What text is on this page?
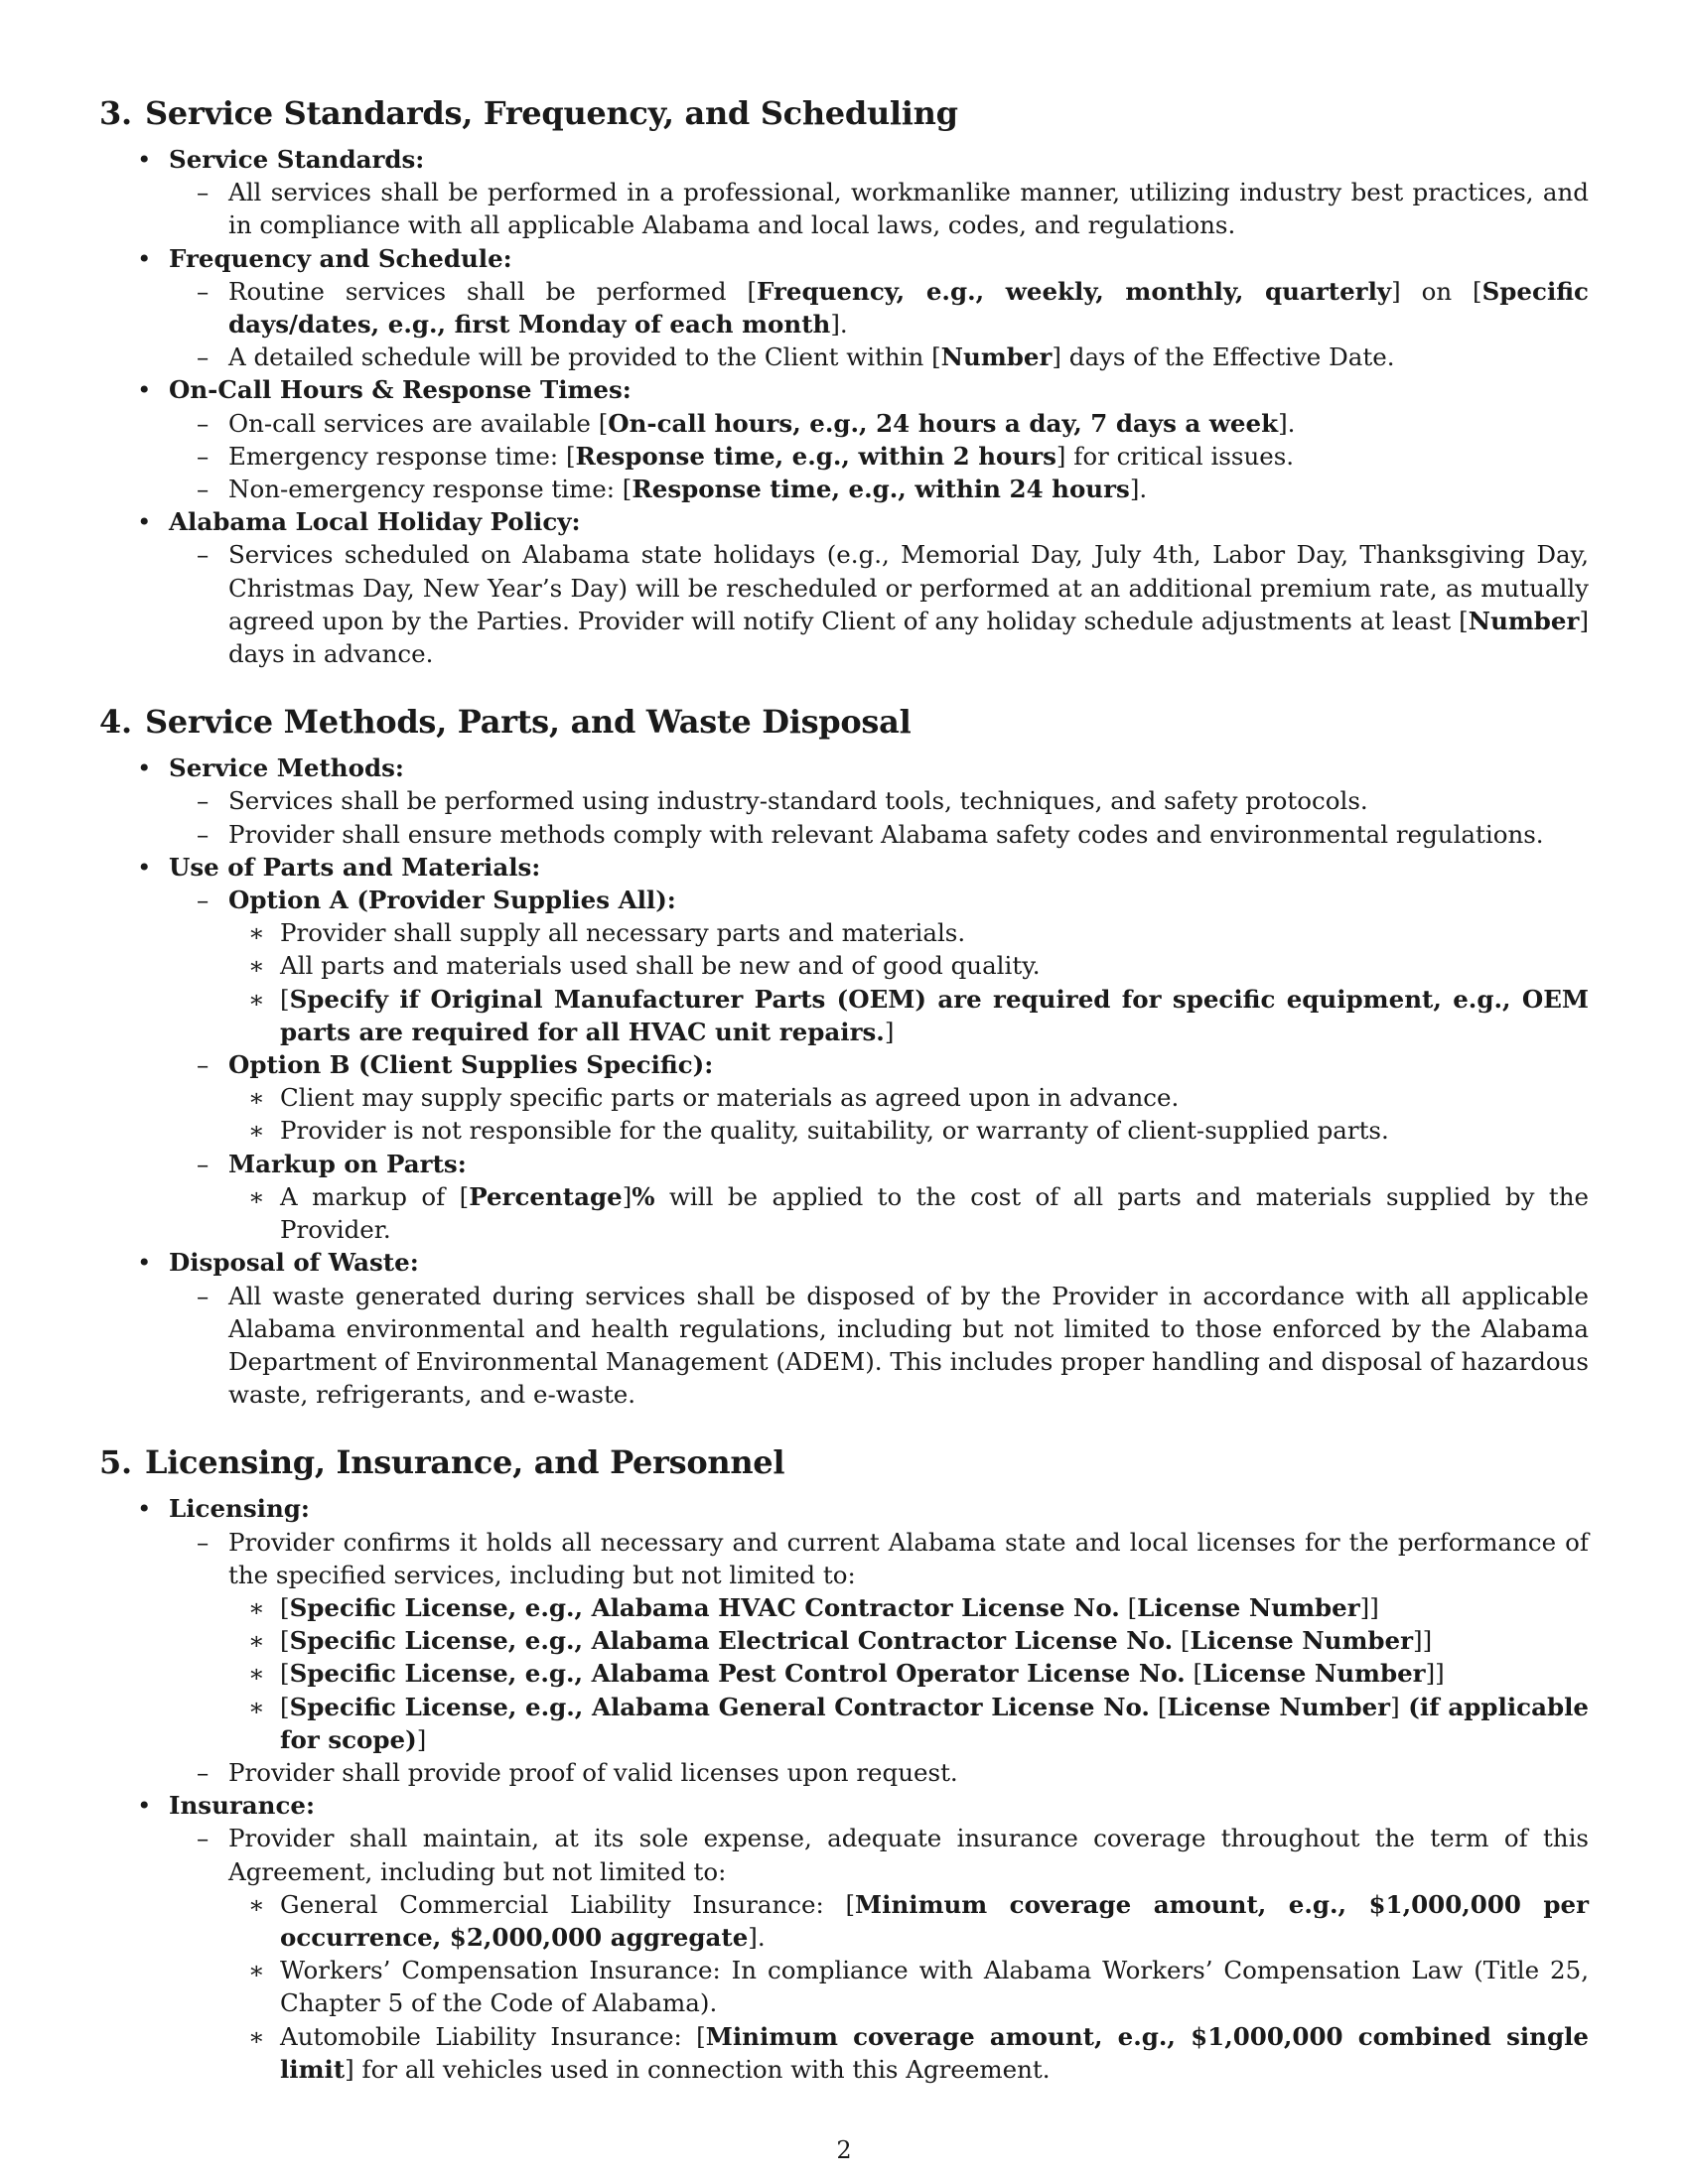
3. Service Standards, Frequency, and Scheduling
• Service Standards:

– All services shall be performed in a professional, workmanlike manner, utilizing industry best practices, and in compliance with all applicable Alabama and local laws, codes, and regulations.

• Frequency and Schedule:

– Routine services shall be performed [Frequency, e.g., weekly, monthly, quarterly] on [Specific days/dates, e.g., first Monday of each month].

– A detailed schedule will be provided to the Client within [Number] days of the Effective Date.

• On-Call Hours & Response Times:

– On-call services are available [On-call hours, e.g., 24 hours a day, 7 days a week].

– Emergency response time: [Response time, e.g., within 2 hours] for critical issues.

– Non-emergency response time: [Response time, e.g., within 24 hours].

• Alabama Local Holiday Policy:

– Services scheduled on Alabama state holidays (e.g., Memorial Day, July 4th, Labor Day, Thanksgiving Day, Christmas Day, New Year’s Day) will be rescheduled or performed at an additional premium rate, as mutually agreed upon by the Parties. Provider will notify Client of any holiday schedule adjustments at least [Number] days in advance.

4. Service Methods, Parts, and Waste Disposal
• Service Methods:

– Services shall be performed using industry-standard tools, techniques, and safety protocols.

– Provider shall ensure methods comply with relevant Alabama safety codes and environmental regulations.

• Use of Parts and Materials:
– Option A (Provider Supplies All):

∗ Provider shall supply all necessary parts and materials.

∗ All parts and materials used shall be new and of good quality.

∗ [Specify if Original Manufacturer Parts (OEM) are required for specific equipment, e.g., OEM parts are required for all HVAC unit repairs.]

– Option B (Client Supplies Specific):

∗ Client may supply specific parts or materials as agreed upon in advance.

∗ Provider is not responsible for the quality, suitability, or warranty of client-supplied parts.

– Markup on Parts:

∗ A markup of [Percentage]% will be applied to the cost of all parts and materials supplied by the Provider.

• Disposal of Waste:

– All waste generated during services shall be disposed of by the Provider in accordance with all applicable Alabama environmental and health regulations, including but not limited to those enforced by the Alabama Department of Environmental Management (ADEM). This includes proper handling and disposal of hazardous waste, refrigerants, and e-waste.

5. Licensing, Insurance, and Personnel
• Licensing:

– Provider confirms it holds all necessary and current Alabama state and local licenses for the performance of the specified services, including but not limited to:

∗ [Specific License, e.g., Alabama HVAC Contractor License No. [License Number]]

∗ [Specific License, e.g., Alabama Electrical Contractor License No. [License Number]]

∗ [Specific License, e.g., Alabama Pest Control Operator License No. [License Number]]

∗ [Specific License, e.g., Alabama General Contractor License No. [License Number] (if applicable for scope)]

– Provider shall provide proof of valid licenses upon request.

• Insurance:

– Provider shall maintain, at its sole expense, adequate insurance coverage throughout the term of this Agreement, including but not limited to:

∗ General Commercial Liability Insurance: [Minimum coverage amount, e.g., $1,000,000 per occurrence, $2,000,000 aggregate].

∗ Workers’ Compensation Insurance: In compliance with Alabama Workers’ Compensation Law (Title 25, Chapter 5 of the Code of Alabama).

∗ Automobile Liability Insurance: [Minimum coverage amount, e.g., $1,000,000 combined single limit] for all vehicles used in connection with this Agreement.

2
